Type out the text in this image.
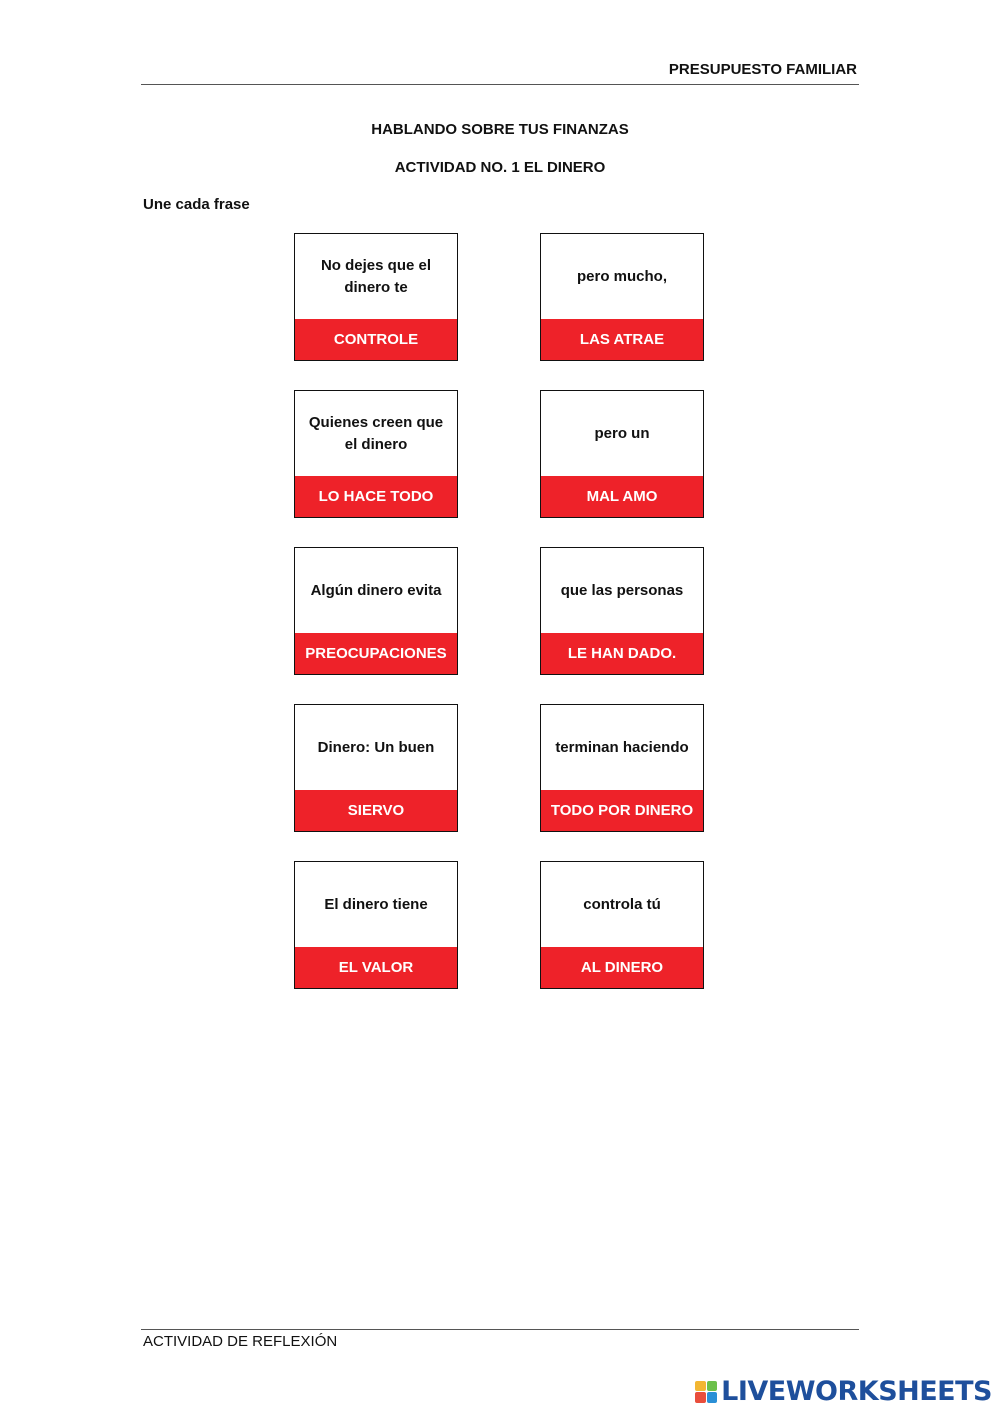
PRESUPUESTO FAMILIAR
HABLANDO SOBRE TUS FINANZAS
ACTIVIDAD NO. 1 EL DINERO
Une cada frase
No dejes que el dinero te
CONTROLE
pero mucho,
LAS ATRAE
Quienes creen que el dinero
LO HACE TODO
pero un
MAL AMO
Algún dinero evita
PREOCUPACIONES
que las personas
LE HAN DADO.
Dinero: Un buen
SIERVO
terminan haciendo
TODO POR DINERO
El dinero tiene
EL VALOR
controla tú
AL DINERO
ACTIVIDAD DE REFLEXIÓN
LIVEWORKSHEETS
